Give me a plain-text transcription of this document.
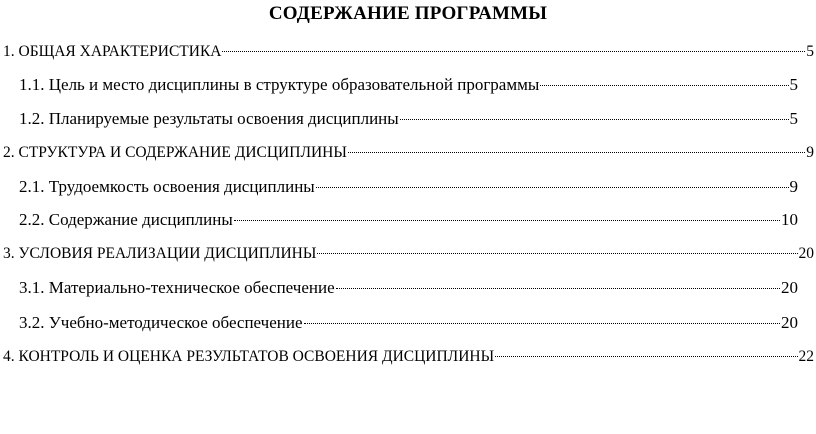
СОДЕРЖАНИЕ ПРОГРАММЫ
1. ОБЩАЯ ХАРАКТЕРИСТИКА	5
1.1. Цель и место дисциплины в структуре образовательной программы	5
1.2. Планируемые результаты освоения дисциплины	5
2. СТРУКТУРА И СОДЕРЖАНИЕ ДИСЦИПЛИНЫ	9
2.1. Трудоемкость освоения дисциплины	9
2.2. Содержание дисциплины	10
3. УСЛОВИЯ РЕАЛИЗАЦИИ ДИСЦИПЛИНЫ	20
3.1. Материально-техническое обеспечение	20
3.2. Учебно-методическое обеспечение	20
4. КОНТРОЛЬ И ОЦЕНКА РЕЗУЛЬТАТОВ ОСВОЕНИЯ ДИСЦИПЛИНЫ	22
